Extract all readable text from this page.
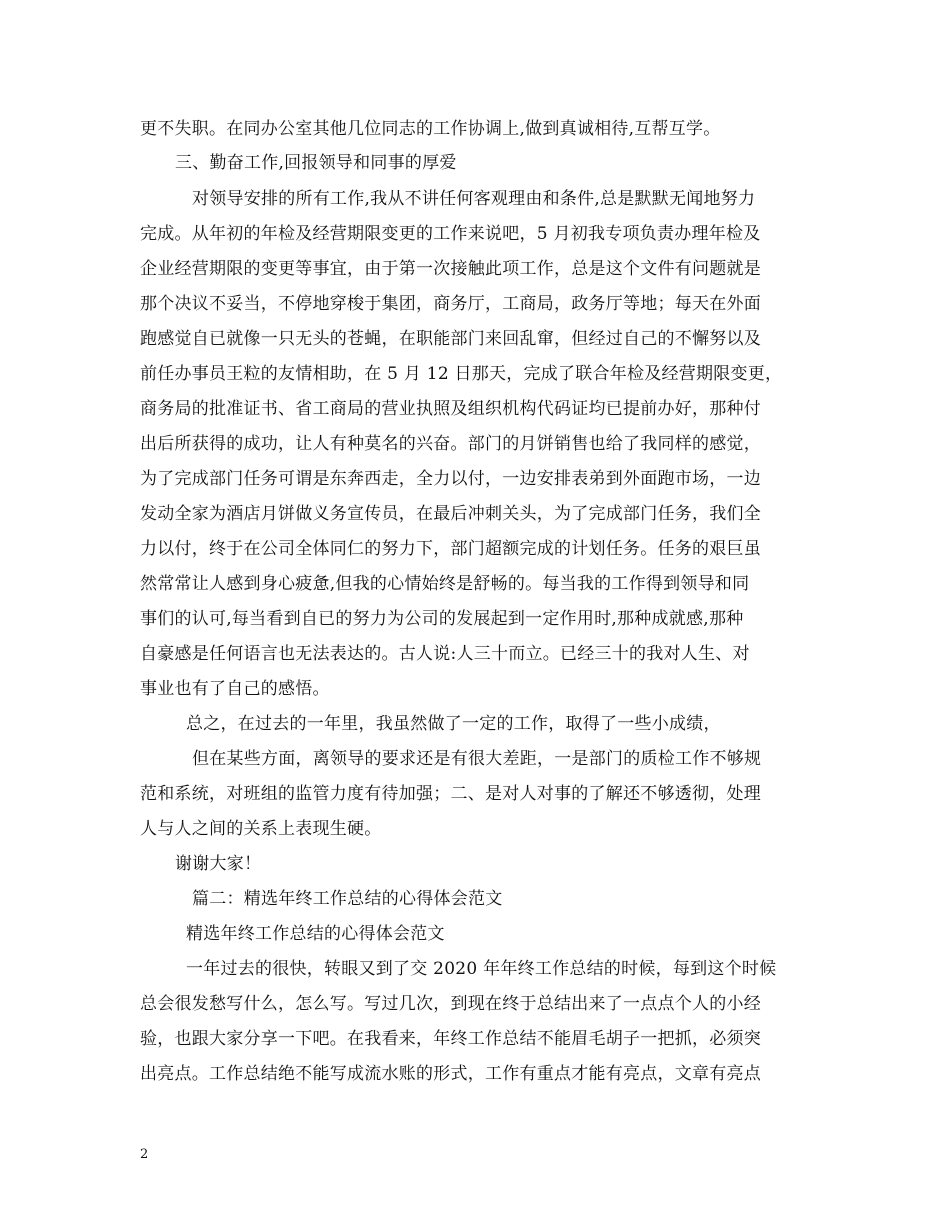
更不失职。在同办公室其他几位同志的工作协调上,做到真诚相待,互帮互学。
三、勤奋工作,回报领导和同事的厚爱
对领导安排的所有工作,我从不讲任何客观理由和条件,总是默默无闻地努力
完成。从年初的年检及经营期限变更的工作来说吧，5 月初我专项负责办理年检及
企业经营期限的变更等事宜，由于第一次接触此项工作，总是这个文件有问题就是
那个决议不妥当，不停地穿梭于集团，商务厅，工商局，政务厅等地；每天在外面
跑感觉自已就像一只无头的苍蝇，在职能部门来回乱窜，但经过自己的不懈努以及
前任办事员王粒的友情相助，在 5 月 12 日那天，完成了联合年检及经营期限变更，
商务局的批准证书、省工商局的营业执照及组织机构代码证均已提前办好，那种付
出后所获得的成功，让人有种莫名的兴奋。部门的月饼销售也给了我同样的感觉，
为了完成部门任务可谓是东奔西走，全力以付，一边安排表弟到外面跑市场，一边
发动全家为酒店月饼做义务宣传员，在最后冲刺关头，为了完成部门任务，我们全
力以付，终于在公司全体同仁的努力下，部门超额完成的计划任务。任务的艰巨虽
然常常让人感到身心疲惫,但我的心情始终是舒畅的。每当我的工作得到领导和同
事们的认可,每当看到自已的努力为公司的发展起到一定作用时,那种成就感,那种
自豪感是任何语言也无法表达的。古人说:人三十而立。已经三十的我对人生、对
事业也有了自己的感悟。
总之，在过去的一年里，我虽然做了一定的工作，取得了一些小成绩，
但在某些方面，离领导的要求还是有很大差距，一是部门的质检工作不够规
范和系统，对班组的监管力度有待加强；二、是对人对事的了解还不够透彻，处理
人与人之间的关系上表现生硬。
谢谢大家！
篇二：精选年终工作总结的心得体会范文
精选年终工作总结的心得体会范文
一年过去的很快，转眼又到了交 2020 年年终工作总结的时候，每到这个时候
总会很发愁写什么，怎么写。写过几次，到现在终于总结出来了一点点个人的小经
验，也跟大家分享一下吧。在我看来，年终工作总结不能眉毛胡子一把抓，必须突
出亮点。工作总结绝不能写成流水账的形式，工作有重点才能有亮点，文章有亮点
2
